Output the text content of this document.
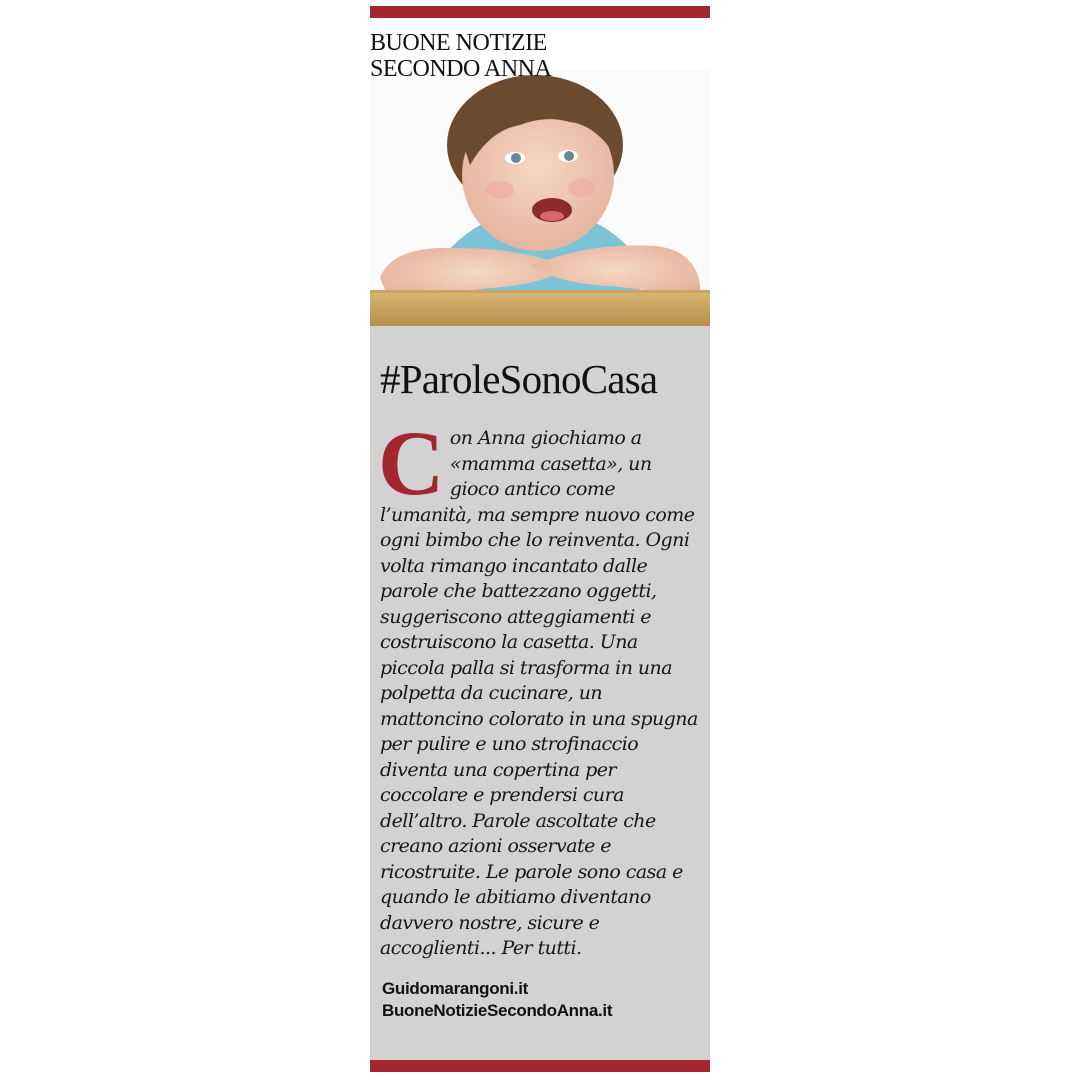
BUONE NOTIZIE
SECONDO ANNA
#ParoleSonoCasa
Con Anna giochiamo a «mamma casetta», un gioco antico come l’umanità, ma sempre nuovo come ogni bimbo che lo reinventa. Ogni volta rimango incantato dalle parole che battezzano oggetti, suggeriscono atteggiamenti e costruiscono la casetta. Una piccola palla si trasforma in una polpetta da cucinare, un mattoncino colorato in una spugna per pulire e uno strofinaccio diventa una copertina per coccolare e prendersi cura dell’altro. Parole ascoltate che creano azioni osservate e ricostruite. Le parole sono casa e quando le abitiamo diventano davvero nostre, sicure e accoglienti... Per tutti.
Guidomarangoni.it
BuoneNotizieSecondoAnna.it
